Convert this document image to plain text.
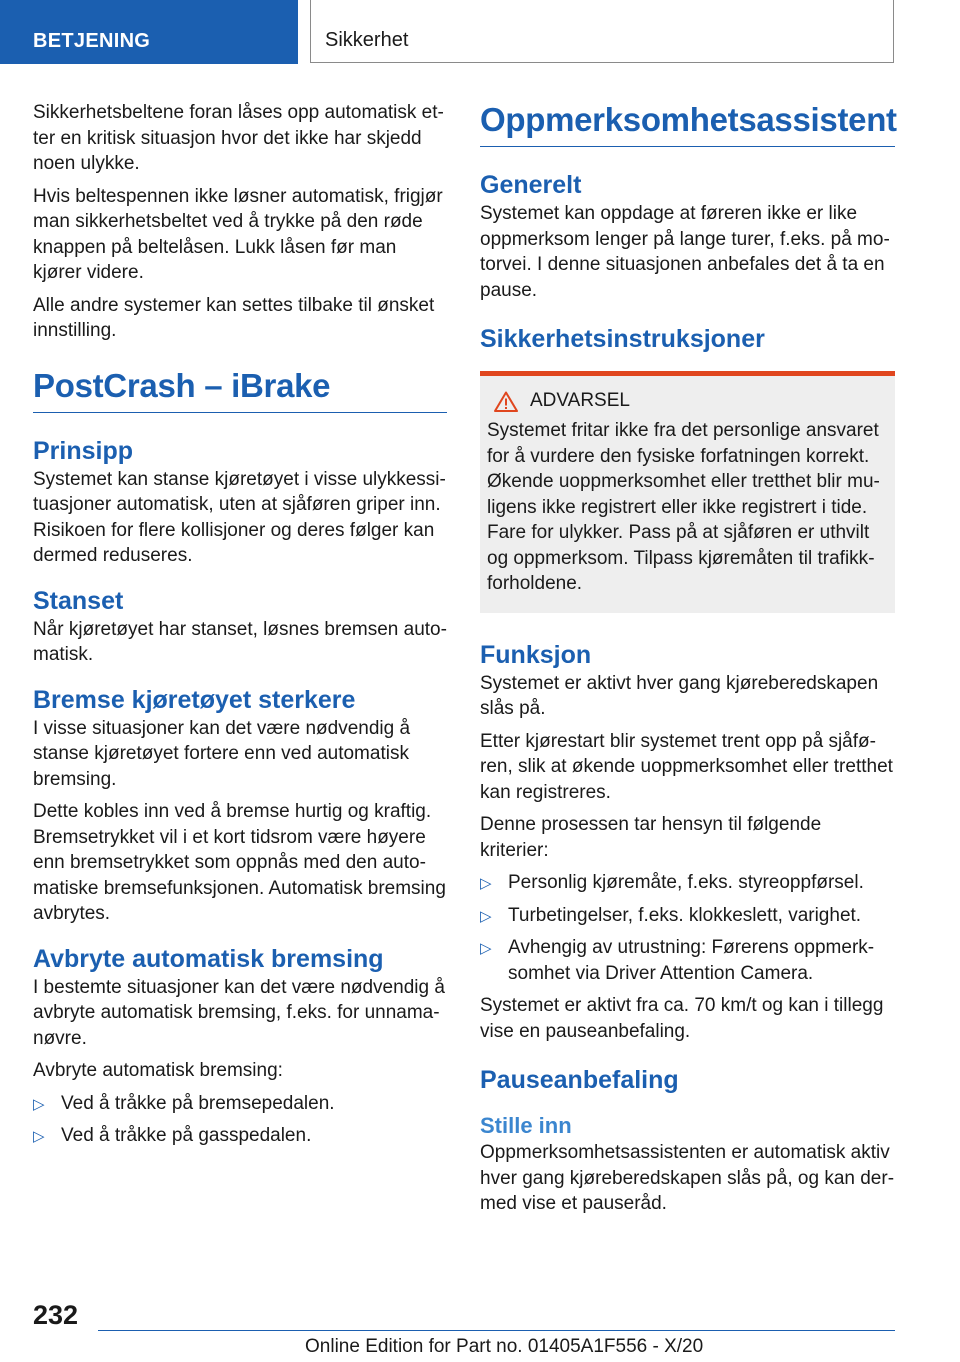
BETJENING	Sikkerhet

Sikkerhetsbeltene foran låses opp automatisk etter en kritisk situasjon hvor det ikke har skjedd noen ulykke.

Hvis beltespennen ikke løsner automatisk, frigjør man sikkerhetsbeltet ved å trykke på den røde knappen på beltelåsen. Lukk låsen før man kjører videre.

Alle andre systemer kan settes tilbake til ønsket innstilling.

PostCrash – iBrake
Prinsipp

Systemet kan stanse kjøretøyet i visse ulykkessituasjoner automatisk, uten at sjåføren griper inn. Risikoen for flere kollisjoner og deres følger kan dermed reduseres.

Stanset

Når kjøretøyet har stanset, løsnes bremsen automatisk.

Bremse kjøretøyet sterkere

I visse situasjoner kan det være nødvendig å stanse kjøretøyet fortere enn ved automatisk bremsing.

Dette kobles inn ved å bremse hurtig og kraftig. Bremsetrykket vil i et kort tidsrom være høyere enn bremsetrykket som oppnås med den automatiske bremsefunksjonen. Automatisk bremsing avbrytes.

Avbryte automatisk bremsing

I bestemte situasjoner kan det være nødvendig å avbryte automatisk bremsing, f.eks. for unnamanøvre.

Avbryte automatisk bremsing:

▷ Ved å tråkke på bremsepedalen.
▷ Ved å tråkke på gasspedalen.
Oppmerksomhetsassistent
Generelt

Systemet kan oppdage at føreren ikke er like oppmerksom lenger på lange turer, f.eks. på motorvei. I denne situasjonen anbefales det å ta en pause.

Sikkerhetsinstruksjoner
ADVARSEL

Systemet fritar ikke fra det personlige ansvaret for å vurdere den fysiske forfatningen korrekt. Økende uoppmerksomhet eller tretthet blir muligens ikke registrert eller ikke registrert i tide. Fare for ulykker. Pass på at sjåføren er uthvilt og oppmerksom. Tilpass kjøremåten til trafikkforholdene.

Funksjon

Systemet er aktivt hver gang kjøreberedskapen slås på.

Etter kjørestart blir systemet trent opp på sjåføren, slik at økende uoppmerksomhet eller tretthet kan registreres.

Denne prosessen tar hensyn til følgende kriterier:

▷ Personlig kjøremåte, f.eks. styreoppførsel.
▷ Turbetingelser, f.eks. klokkeslett, varighet.
▷ Avhengig av utrustning: Førerens oppmerksomhet via Driver Attention Camera.

Systemet er aktivt fra ca. 70 km/t og kan i tillegg vise en pauseanbefaling.

Pauseanbefaling
Stille inn

Oppmerksomhetsassistenten er automatisk aktiv hver gang kjøreberedskapen slås på, og kan dermed vise et pauseråd.

232
Online Edition for Part no. 01405A1F556 - X/20
